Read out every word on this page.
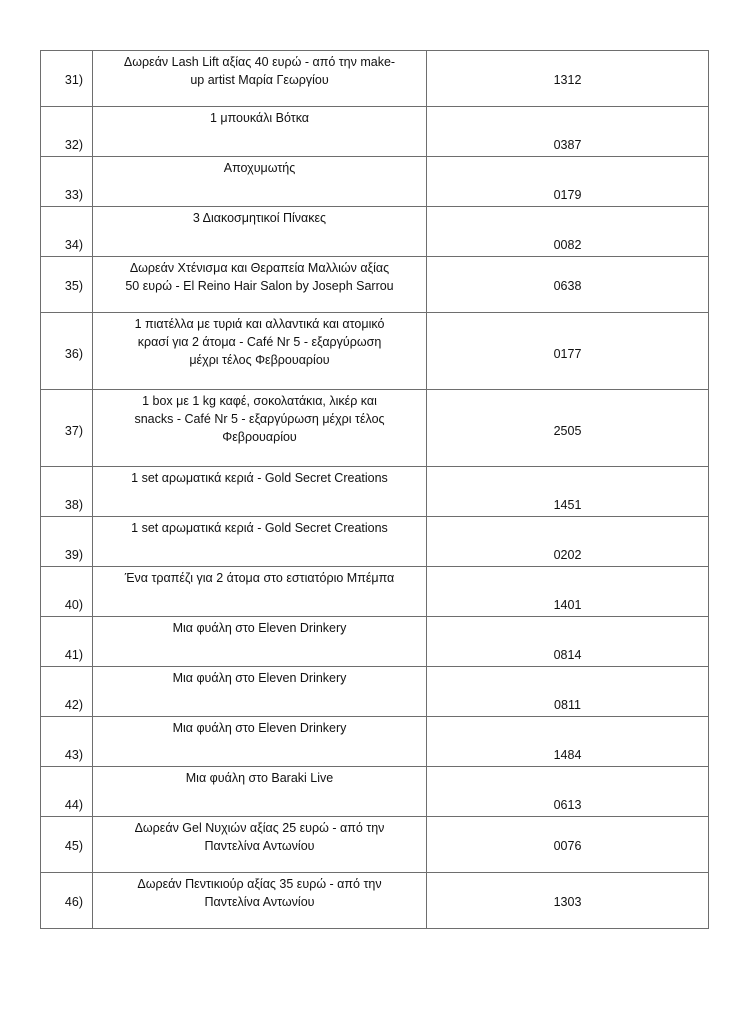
31)	Δωρεάν Lash Lift αξίας 40 ευρώ - από την make-
up artist Μαρία Γεωργίου	1312

32)	1 μπουκάλι Βότκα	0387

33)	Αποχυμωτής	0179

34)	3 Διακοσμητικοί Πίνακες	0082

35)	Δωρεάν Χτένισμα και Θεραπεία Μαλλιών αξίας
50 ευρώ - El Reino Hair Salon by Joseph Sarrou	0638

36)	1 πιατέλλα με τυριά και αλλαντικά και ατομικό
κρασί για 2 άτομα - Café Nr 5 - εξαργύρωση
μέχρι τέλος Φεβρουαρίου	0177

37)	1 box με 1 kg καφέ, σοκολατάκια, λικέρ και
snacks - Café Nr 5 - εξαργύρωση μέχρι τέλος
Φεβρουαρίου	2505

38)	1 set αρωματικά κεριά - Gold Secret Creations	1451

39)	1 set αρωματικά κεριά - Gold Secret Creations	0202

40)	Ένα τραπέζι για 2 άτομα στο εστιατόριο Μπέμπα	1401

41)	Μια φυάλη στο Eleven Drinkery	0814

42)	Μια φυάλη στο Eleven Drinkery	0811

43)	Μια φυάλη στο Eleven Drinkery	1484

44)	Μια φυάλη στο Baraki Live	0613

45)	Δωρεάν Gel Νυχιών αξίας 25 ευρώ - από την
Παντελίνα Αντωνίου	0076

46)	Δωρεάν Πεντικιούρ αξίας 35 ευρώ - από την
Παντελίνα Αντωνίου	1303
